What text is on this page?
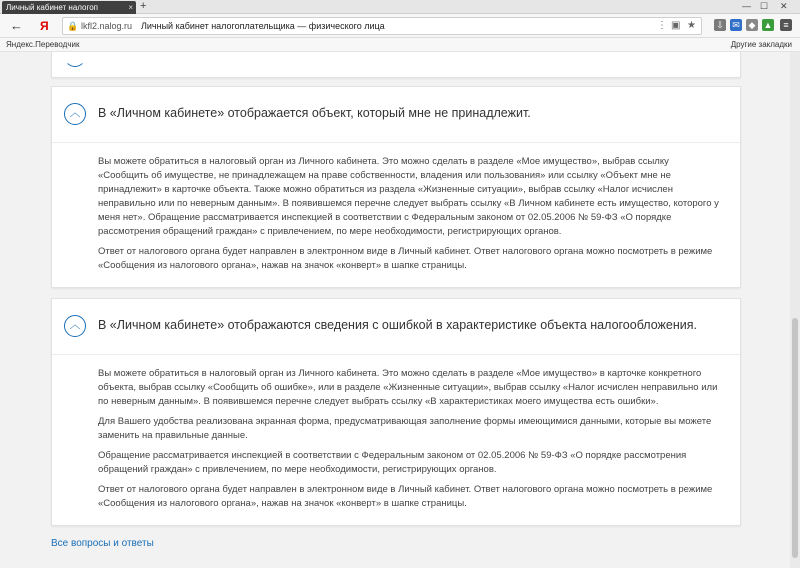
Личный кабинет налогоп	× +	— ☐ ✕
← Я 🔒 lkfl2.nalog.ru Личный кабинет налогоплательщика — физического лица	⋮ ▣ ★ ⇩ ✉ ◆ ▲	≡
Яндекс.Переводчик	Другие закладки
︿	В «Личном кабинете» отображается объект, который мне не принадлежит.

Вы можете обратиться в налоговый орган из Личного кабинета. Это можно сделать в разделе «Мое имущество», выбрав ссылку «Сообщить об имуществе, не принадлежащем на праве собственности, владения или пользования» или ссылку «Объект мне не принадлежит» в карточке объекта. Также можно обратиться из раздела «Жизненные ситуации», выбрав ссылку «Налог исчислен неправильно или по неверным данным». В появившемся перечне следует выбрать ссылку «В Личном кабинете есть имущество, которого у меня нет». Обращение рассматривается инспекцией в соответствии с Федеральным законом от 02.05.2006 № 59-ФЗ «О порядке рассмотрения обращений граждан» с привлечением, по мере необходимости, регистрирующих органов.

Ответ от налогового органа будет направлен в электронном виде в Личный кабинет. Ответ налогового органа можно посмотреть в режиме «Сообщения из налогового органа», нажав на значок «конверт» в шапке страницы.

︿	В «Личном кабинете» отображаются сведения с ошибкой в характеристике объекта налогообложения.

Вы можете обратиться в налоговый орган из Личного кабинета. Это можно сделать в разделе «Мое имущество» в карточке конкретного объекта, выбрав ссылку «Сообщить об ошибке», или в разделе «Жизненные ситуации», выбрав ссылку «Налог исчислен неправильно или по неверным данным». В появившемся перечне следует выбрать ссылку «В характеристиках моего имущества есть ошибки».

Для Вашего удобства реализована экранная форма, предусматривающая заполнение формы имеющимися данными, которые вы можете заменить на правильные данные.

Обращение рассматривается инспекцией в соответствии с Федеральным законом от 02.05.2006 № 59-ФЗ «О порядке рассмотрения обращений граждан» с привлечением, по мере необходимости, регистрирующих органов.

Ответ от налогового органа будет направлен в электронном виде в Личный кабинет. Ответ налогового органа можно посмотреть в режиме «Сообщения из налогового органа», нажав на значок «конверт» в шапке страницы.

Все вопросы и ответы
